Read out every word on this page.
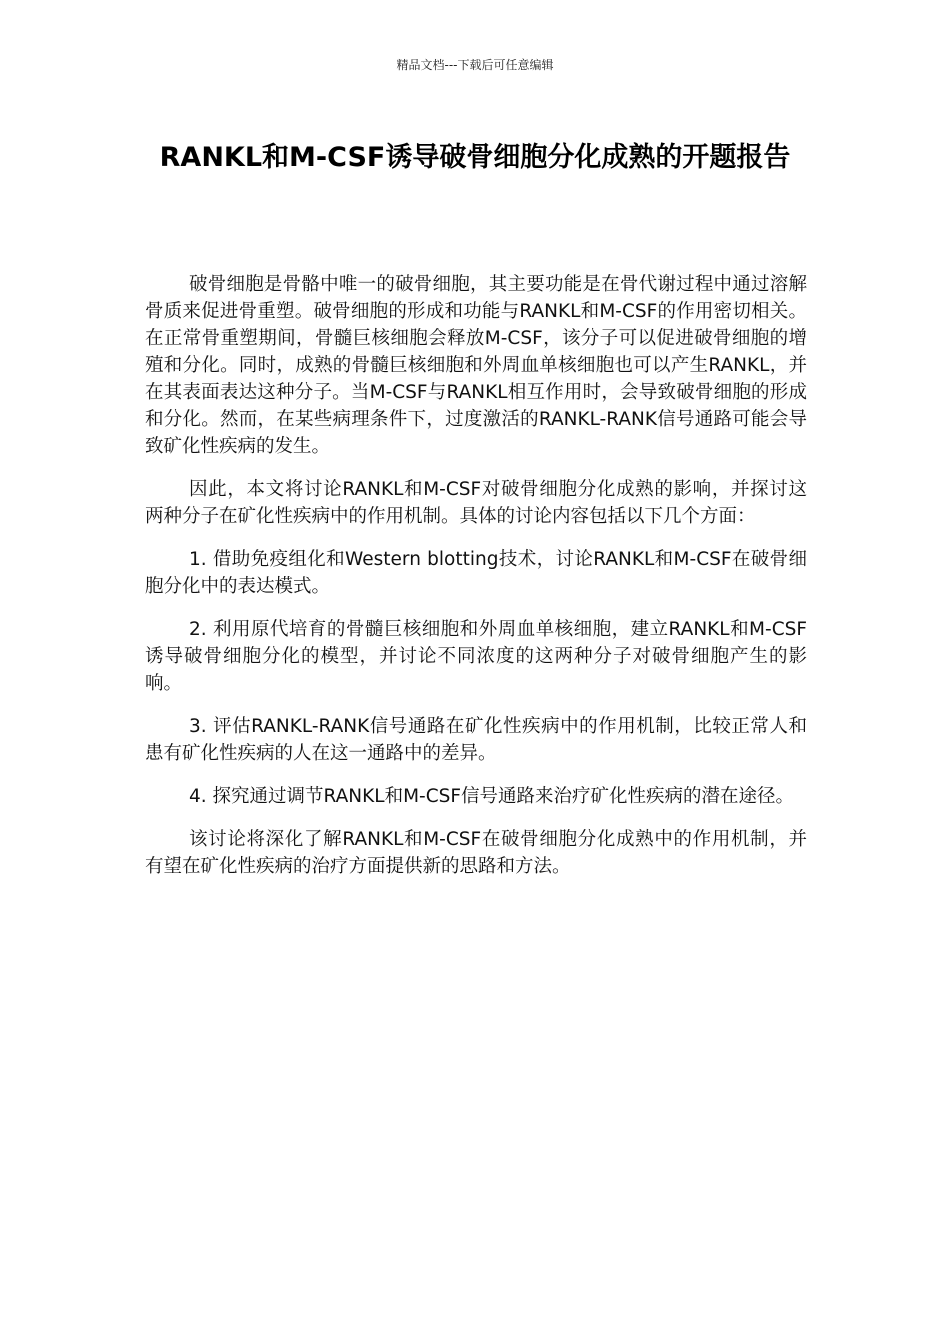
精品文档---下载后可任意编辑
RANKL和M-CSF诱导破骨细胞分化成熟的开题报告

破骨细胞是骨骼中唯一的破骨细胞，其主要功能是在骨代谢过程中通过溶解骨质来促进骨重塑。破骨细胞的形成和功能与RANKL和M-CSF的作用密切相关。在正常骨重塑期间，骨髓巨核细胞会释放M-CSF，该分子可以促进破骨细胞的增殖和分化。同时，成熟的骨髓巨核细胞和外周血单核细胞也可以产生RANKL，并在其表面表达这种分子。当M-CSF与RANKL相互作用时，会导致破骨细胞的形成和分化。然而，在某些病理条件下，过度激活的RANKL-RANK信号通路可能会导致矿化性疾病的发生。

因此，本文将讨论RANKL和M-CSF对破骨细胞分化成熟的影响，并探讨这两种分子在矿化性疾病中的作用机制。具体的讨论内容包括以下几个方面：

1. 借助免疫组化和Western blotting技术，讨论RANKL和M-CSF在破骨细胞分化中的表达模式。

2. 利用原代培育的骨髓巨核细胞和外周血单核细胞，建立RANKL和M-CSF诱导破骨细胞分化的模型，并讨论不同浓度的这两种分子对破骨细胞产生的影响。

3. 评估RANKL-RANK信号通路在矿化性疾病中的作用机制，比较正常人和患有矿化性疾病的人在这一通路中的差异。

4. 探究通过调节RANKL和M-CSF信号通路来治疗矿化性疾病的潜在途径。

该讨论将深化了解RANKL和M-CSF在破骨细胞分化成熟中的作用机制，并有望在矿化性疾病的治疗方面提供新的思路和方法。
